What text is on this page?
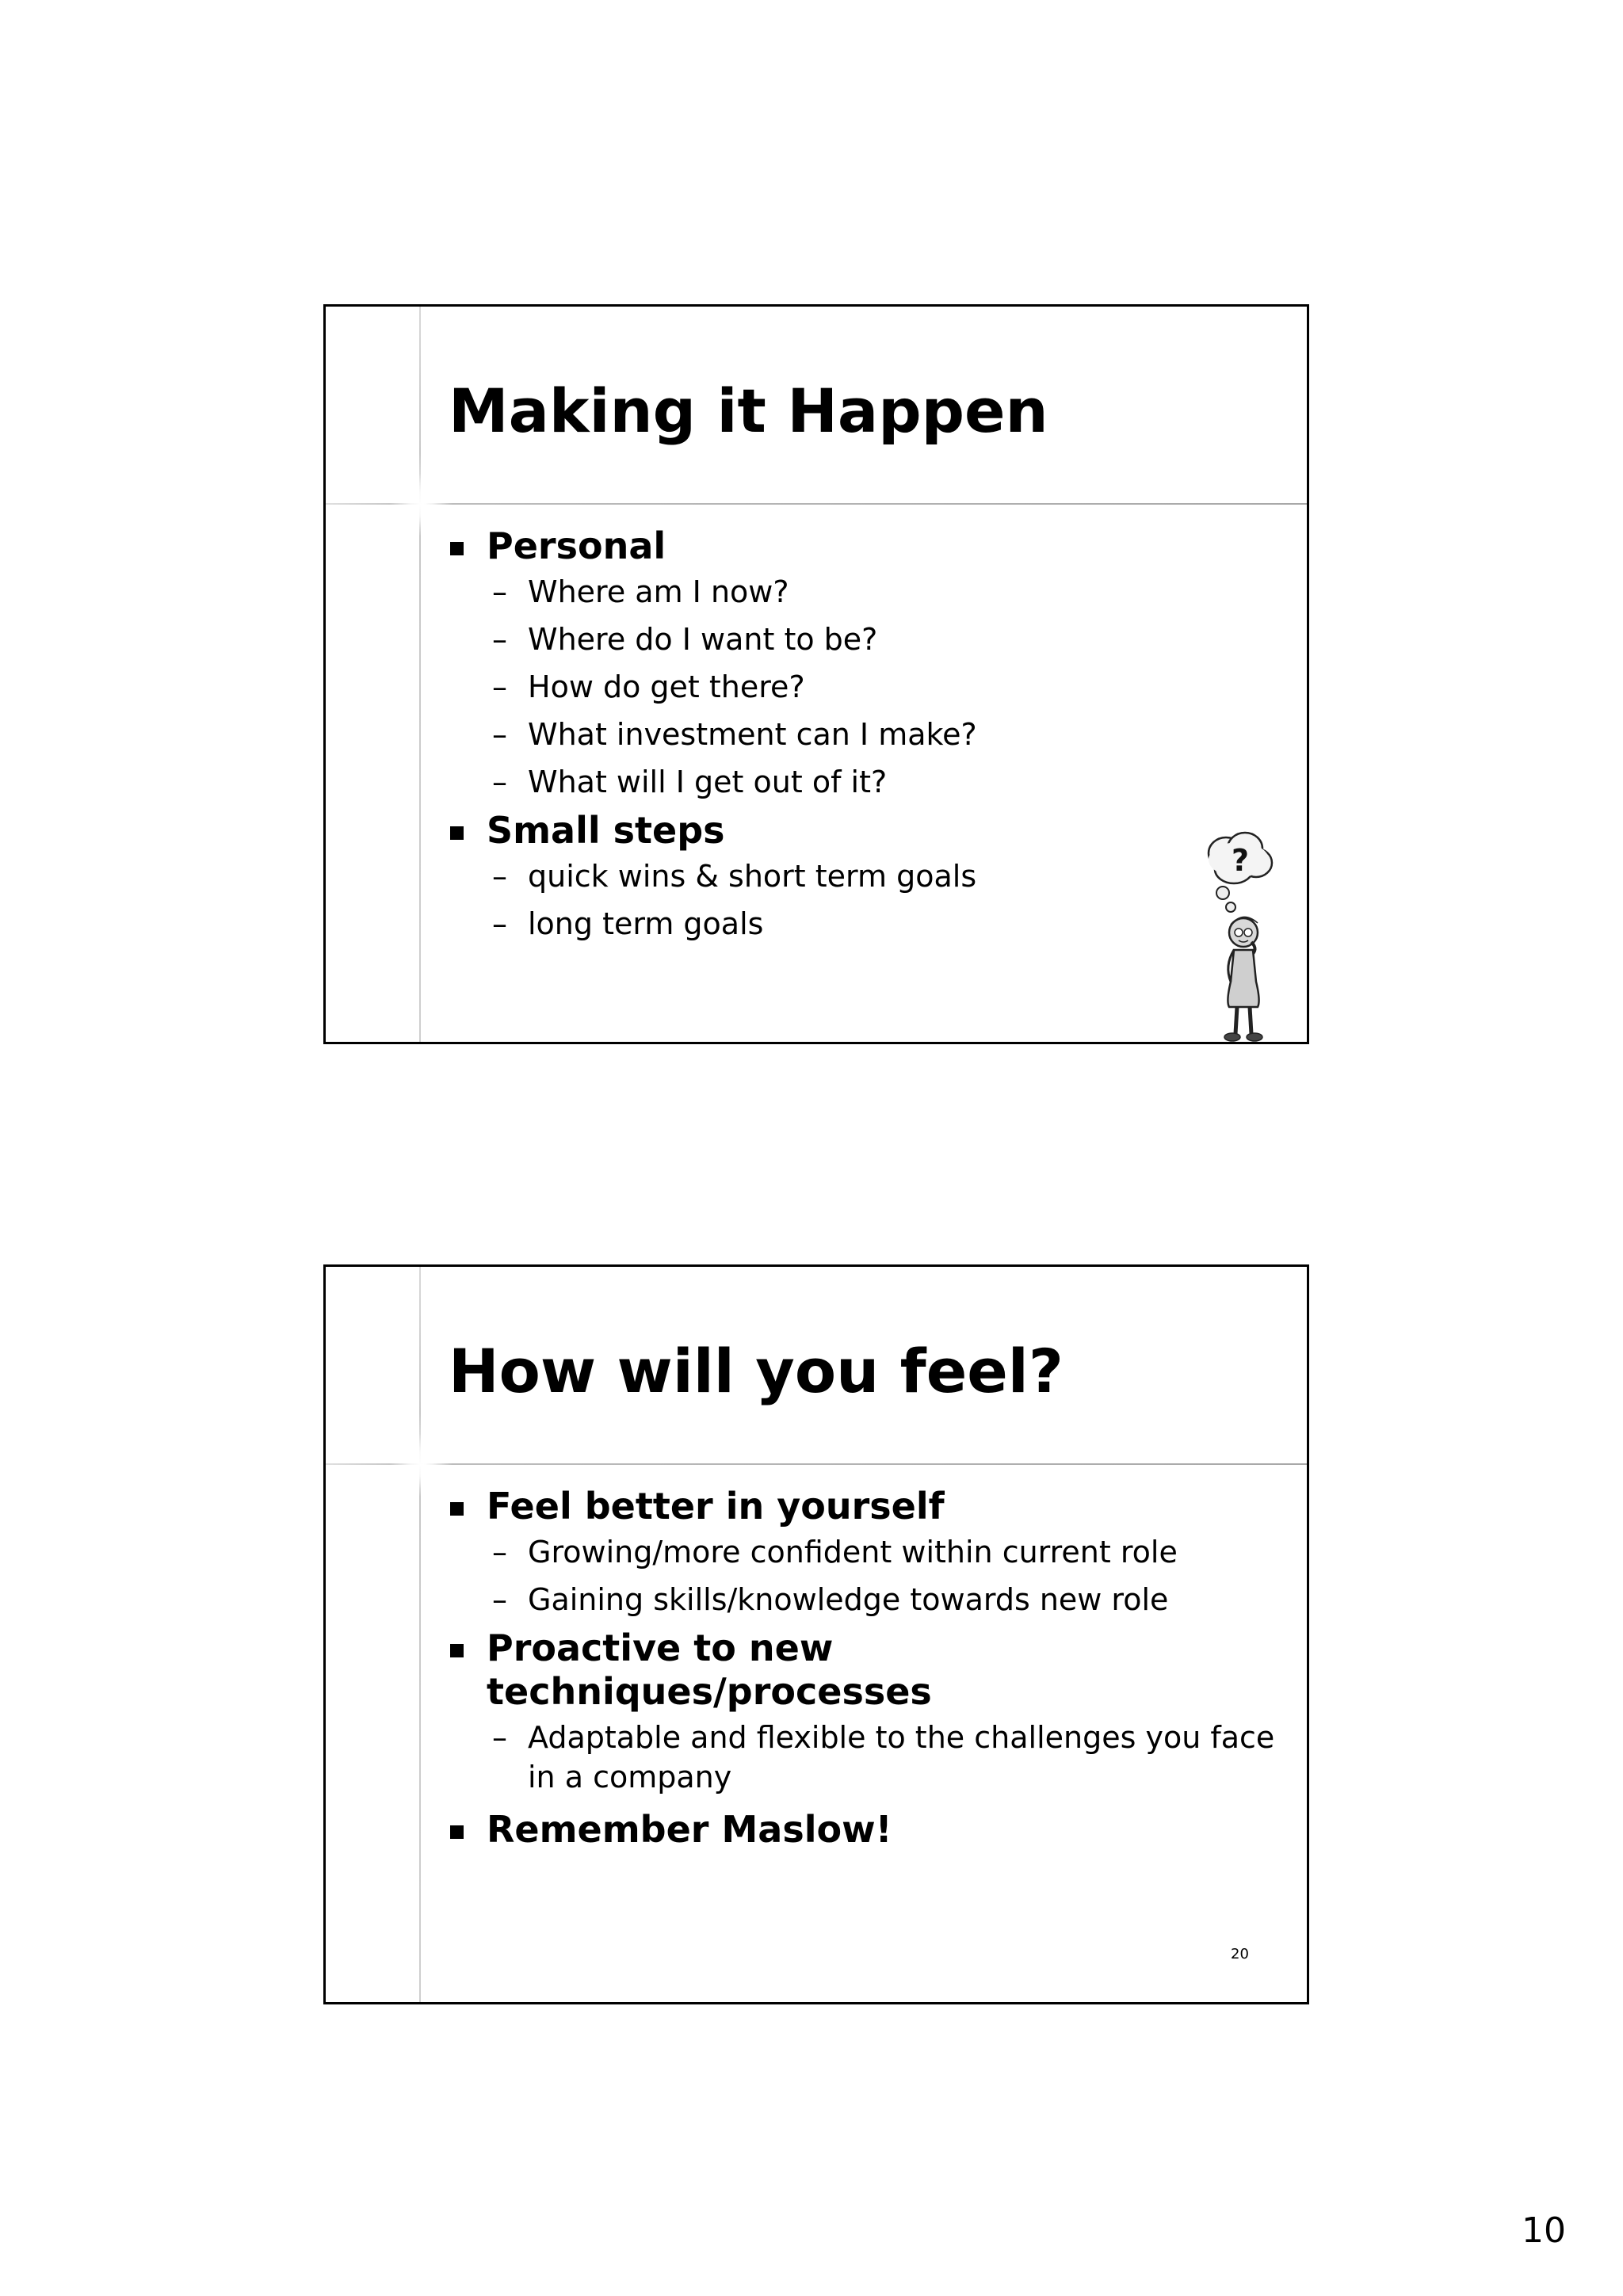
Making it Happen
Personal
– Where am I now?
– Where do I want to be?
– How do get there?
– What investment can I make?
– What will I get out of it?
Small steps
– quick wins & short term goals
– long term goals
?
How will you feel?
Feel better in yourself
– Growing/more confident within current role
– Gaining skills/knowledge towards new role
Proactive to new techniques/processes
– Adaptable and flexible to the challenges you face in a company
Remember Maslow!
20
10
